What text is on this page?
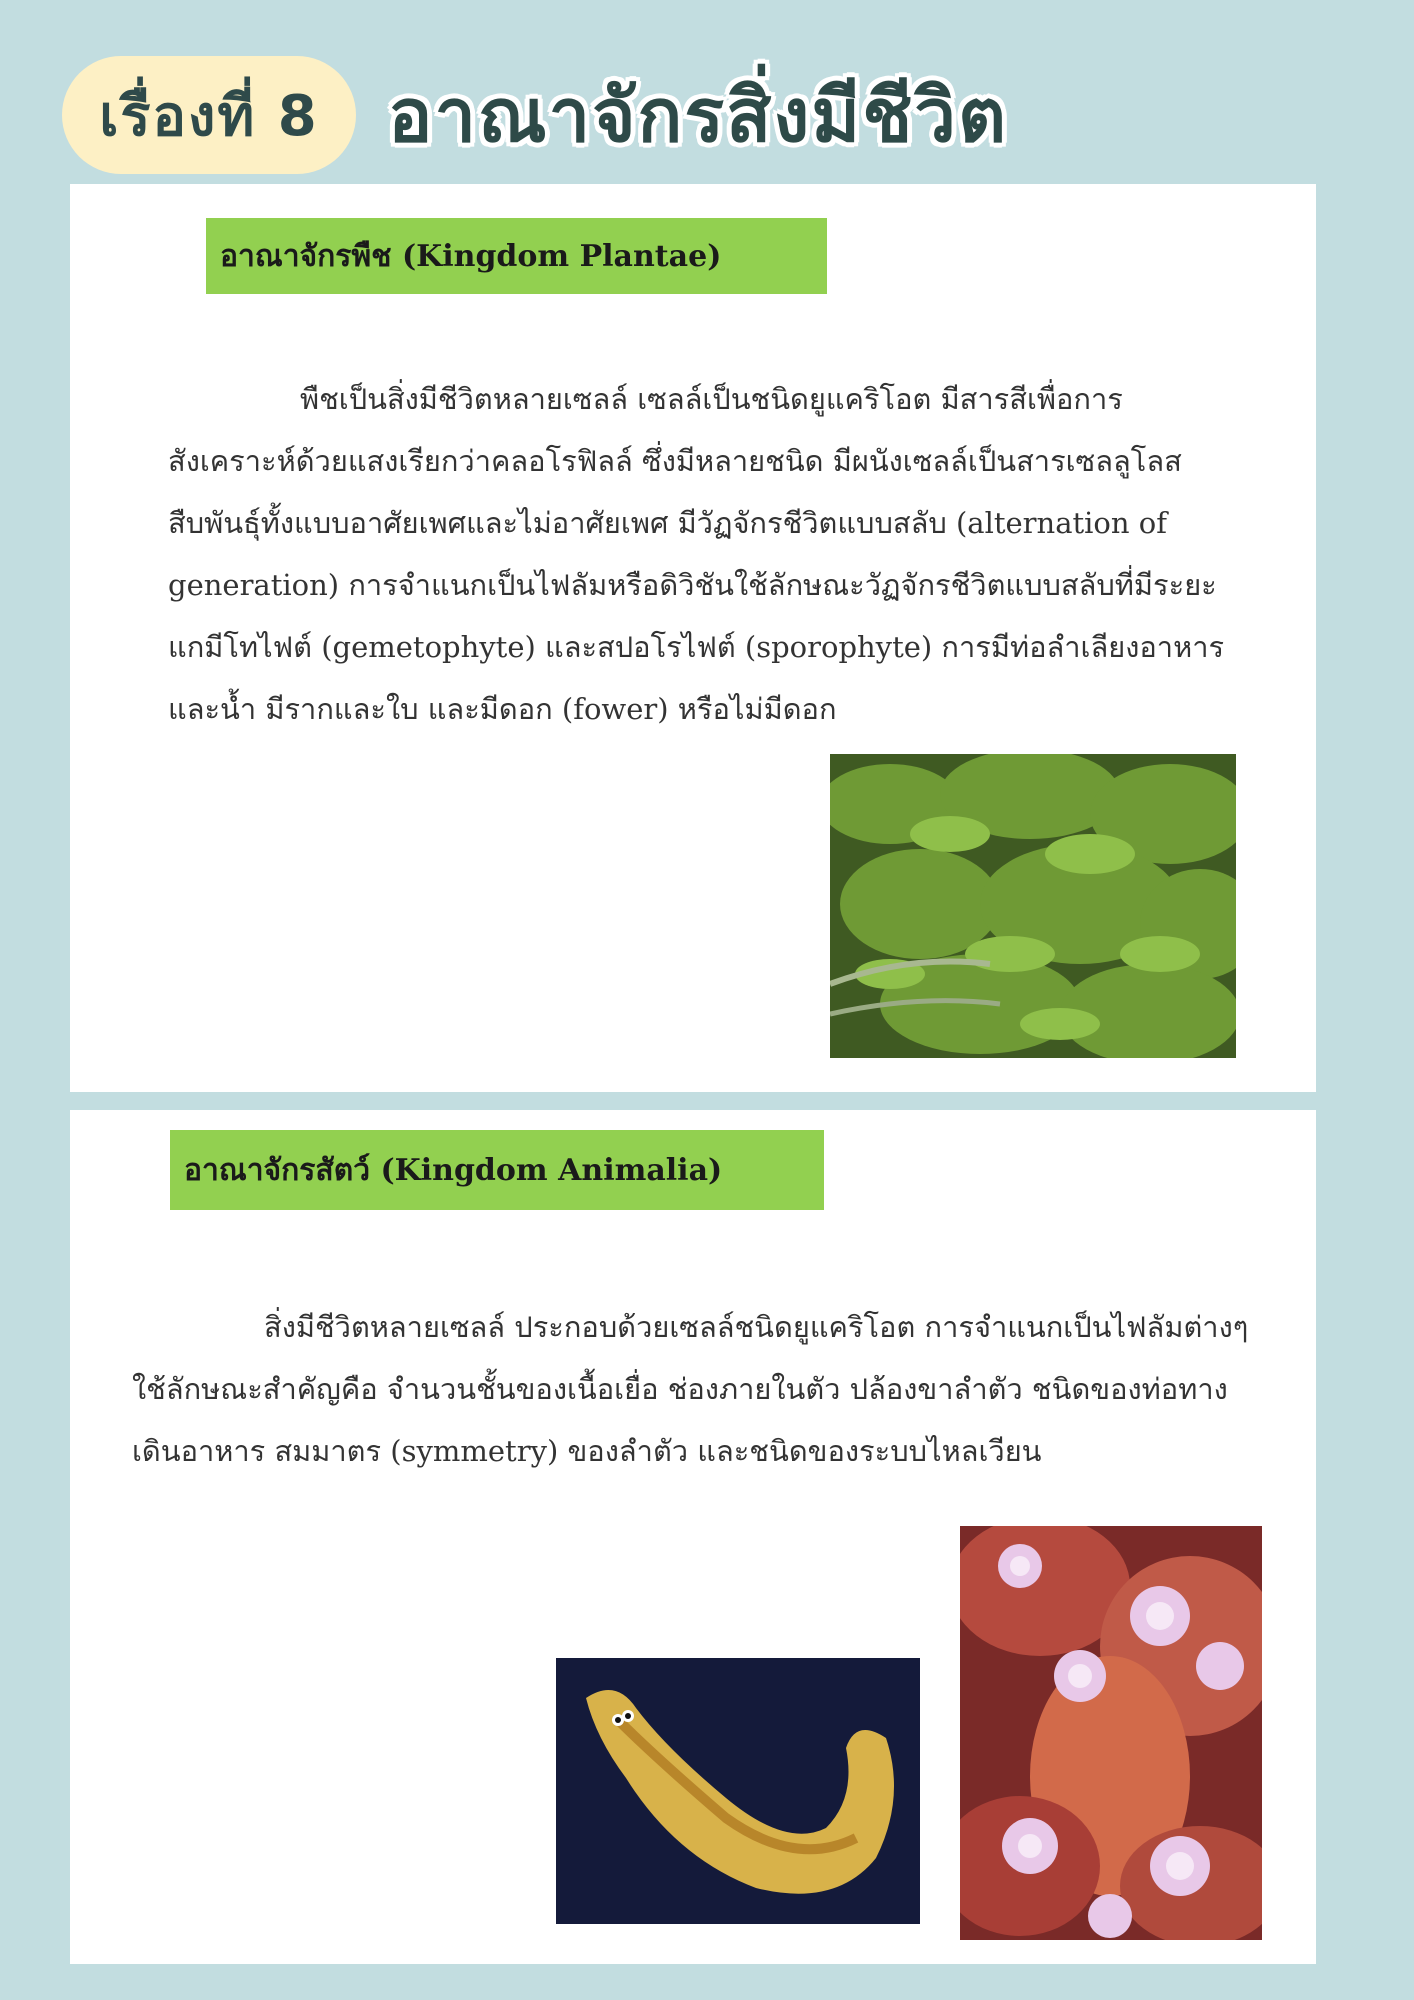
เรื่องที่ 8 อาณาจักรสิ่งมีชีวิต
อาณาจักรพืช (Kingdom Plantae)

พืชเป็นสิ่งมีชีวิตหลายเซลล์ เซลล์เป็นชนิดยูแคริโอต มีสารสีเพื่อการสังเคราะห์ด้วยแสงเรียกว่าคลอโรฟิลล์ ซึ่งมีหลายชนิด มีผนังเซลล์เป็นสารเซลลูโลส สืบพันธุ์ทั้งแบบอาศัยเพศและไม่อาศัยเพศ มีวัฏจักรชีวิตแบบสลับ (alternation of generation) การจำแนกเป็นไฟลัมหรือดิวิชันใช้ลักษณะวัฏจักรชีวิตแบบสลับที่มีระยะแกมีโทไฟต์ (gemetophyte) และสปอโรไฟต์ (sporophyte) การมีท่อลำเลียงอาหารและน้ำ มีรากและใบ และมีดอก (fower) หรือไม่มีดอก

อาณาจักรสัตว์ (Kingdom Animalia)

สิ่งมีชีวิตหลายเซลล์ ประกอบด้วยเซลล์ชนิดยูแคริโอต การจำแนกเป็นไฟลัมต่างๆใช้ลักษณะสำคัญคือ จำนวนชั้นของเนื้อเยื่อ ช่องภายในตัว ปล้องขาลำตัว ชนิดของท่อทางเดินอาหาร สมมาตร (symmetry) ของลำตัว และชนิดของระบบไหลเวียน
